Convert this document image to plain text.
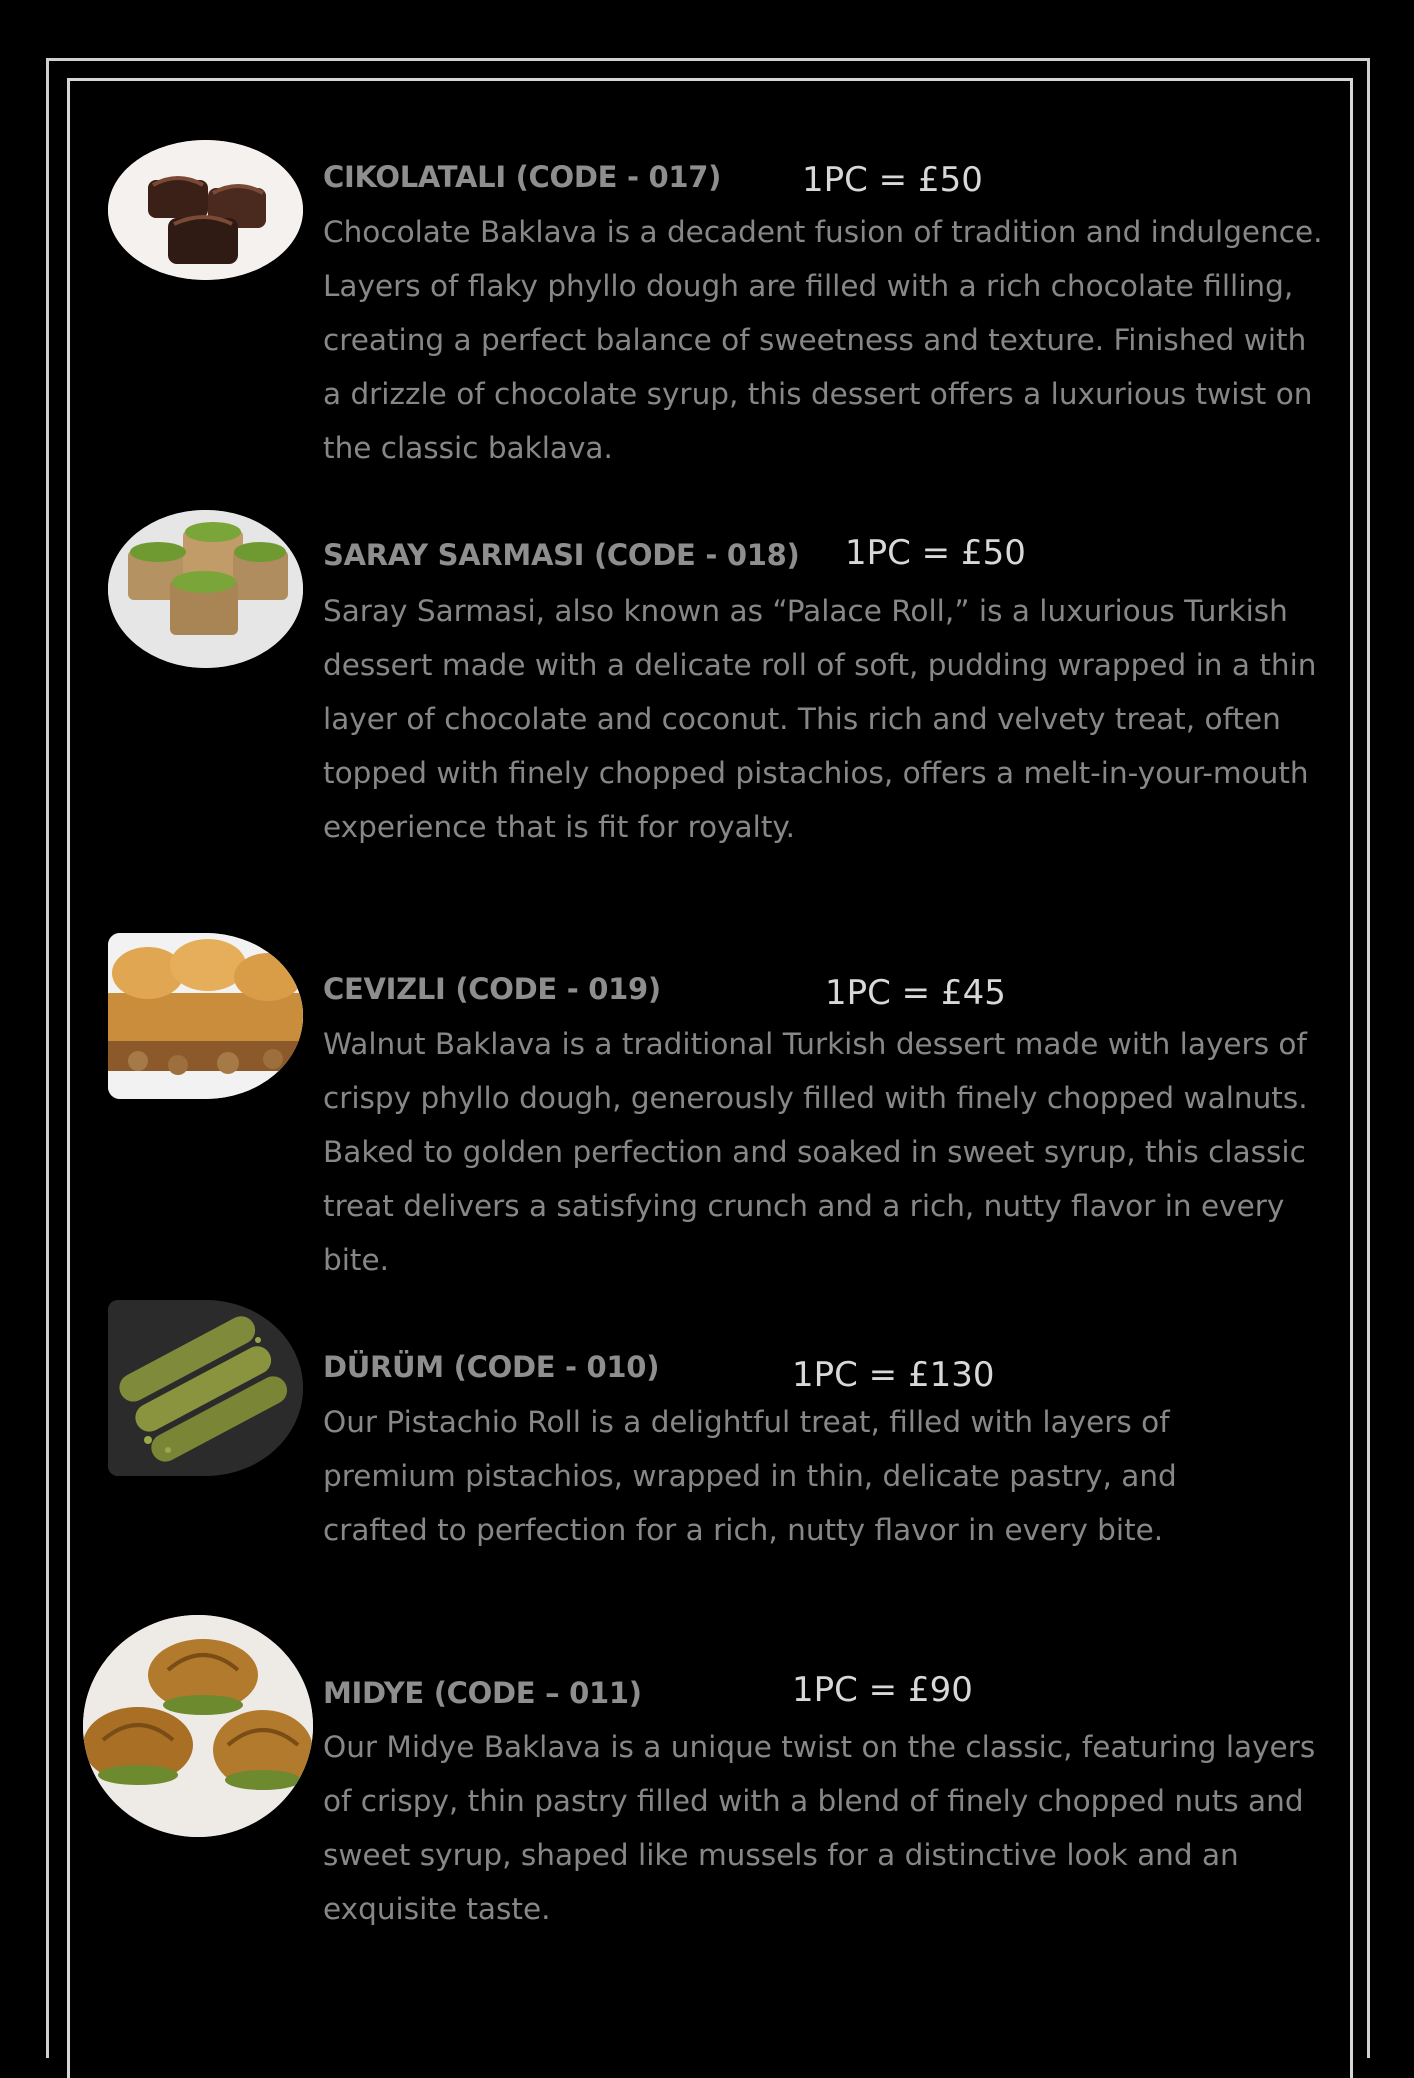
CIKOLATALI (CODE - 017) 1PC = £50

Chocolate Baklava is a decadent fusion of tradition and indulgence. Layers of flaky phyllo dough are filled with a rich chocolate filling, creating a perfect balance of sweetness and texture. Finished with a drizzle of chocolate syrup, this dessert offers a luxurious twist on the classic baklava.

SARAY SARMASI (CODE - 018) 1PC = £50

Saray Sarmasi, also known as “Palace Roll,” is a luxurious Turkish dessert made with a delicate roll of soft, pudding wrapped in a thin layer of chocolate and coconut. This rich and velvety treat, often topped with finely chopped pistachios, offers a melt-in-your-mouth experience that is fit for royalty.

CEVIZLI (CODE - 019)	1PC = £45

Walnut Baklava is a traditional Turkish dessert made with layers of crispy phyllo dough, generously filled with finely chopped walnuts. Baked to golden perfection and soaked in sweet syrup, this classic treat delivers a satisfying crunch and a rich, nutty flavor in every bite.

DÜRÜM (CODE - 010)	1PC = £130

Our Pistachio Roll is a delightful treat, filled with layers of premium pistachios, wrapped in thin, delicate pastry, and crafted to perfection for a rich, nutty flavor in every bite.

MIDYE (CODE – 011)	1PC = £90

Our Midye Baklava is a unique twist on the classic, featuring layers of crispy, thin pastry filled with a blend of finely chopped nuts and sweet syrup, shaped like mussels for a distinctive look and an exquisite taste.
